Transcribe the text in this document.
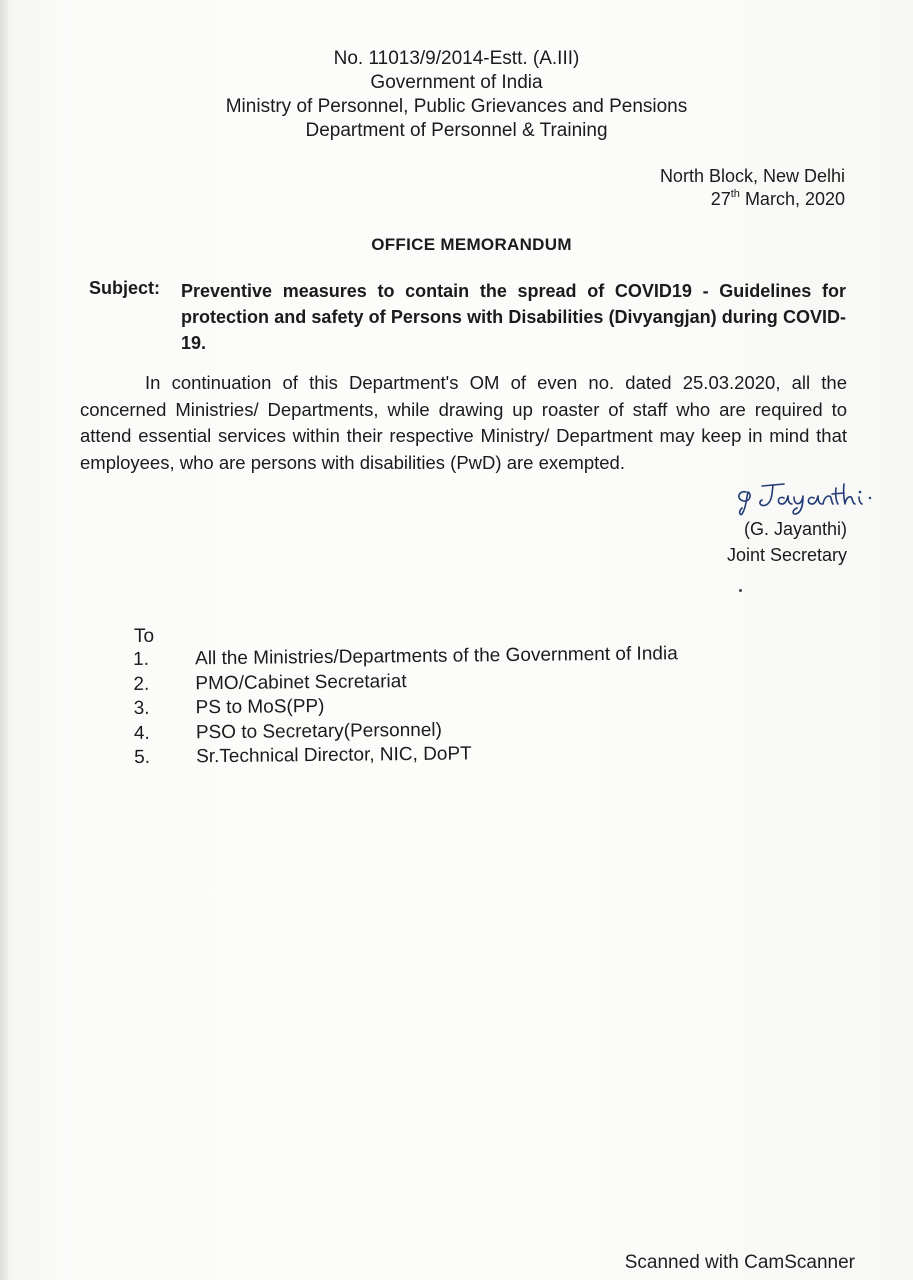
No. 11013/9/2014-Estt. (A.III)
Government of India
Ministry of Personnel, Public Grievances and Pensions
Department of Personnel & Training
North Block, New Delhi
27th March, 2020
OFFICE MEMORANDUM
Subject: Preventive measures to contain the spread of COVID19 - Guidelines for protection and safety of Persons with Disabilities (Divyangjan) during COVID-19.
In continuation of this Department's OM of even no. dated 25.03.2020, all the concerned Ministries/ Departments, while drawing up roaster of staff who are required to attend essential services within their respective Ministry/ Department may keep in mind that employees, who are persons with disabilities (PwD) are exempted.
(G. Jayanthi)
Joint Secretary
To
1. All the Ministries/Departments of the Government of India
2. PMO/Cabinet Secretariat
3. PS to MoS(PP)
4. PSO to Secretary(Personnel)
5. Sr.Technical Director, NIC, DoPT
Scanned with CamScanner
